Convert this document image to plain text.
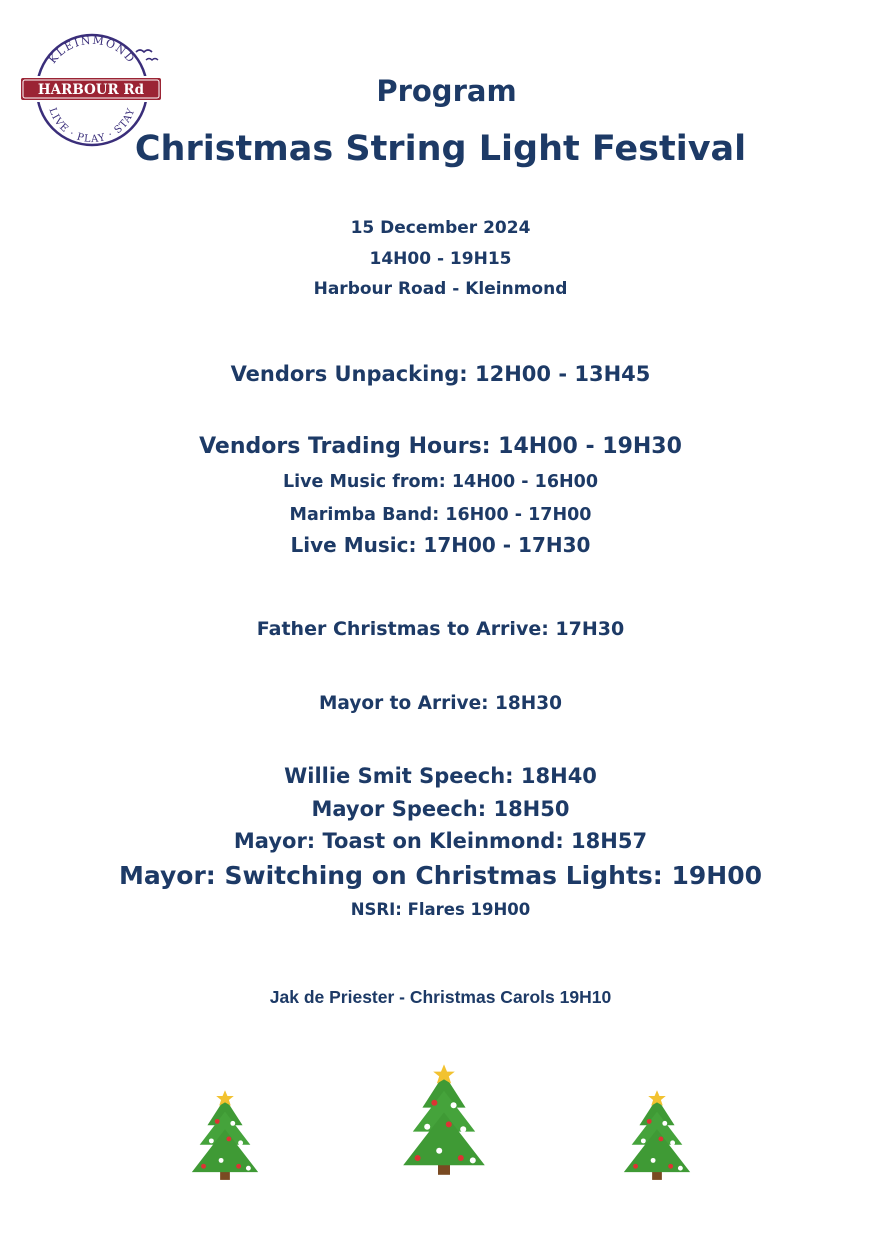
KLEINMOND
LIVE · PLAY · STAY
HARBOUR Rd	Program
Christmas String Light Festival
15 December 2024
14H00 - 19H15
Harbour Road - Kleinmond
Vendors Unpacking: 12H00 - 13H45
Vendors Trading Hours: 14H00 - 19H30
Live Music from: 14H00 - 16H00
Marimba Band: 16H00 - 17H00
Live Music: 17H00 - 17H30
Father Christmas to Arrive: 17H30
Mayor to Arrive: 18H30
Willie Smit Speech: 18H40
Mayor Speech: 18H50
Mayor: Toast on Kleinmond: 18H57
Mayor: Switching on Christmas Lights: 19H00
NSRI: Flares 19H00
Jak de Priester - Christmas Carols 19H10
